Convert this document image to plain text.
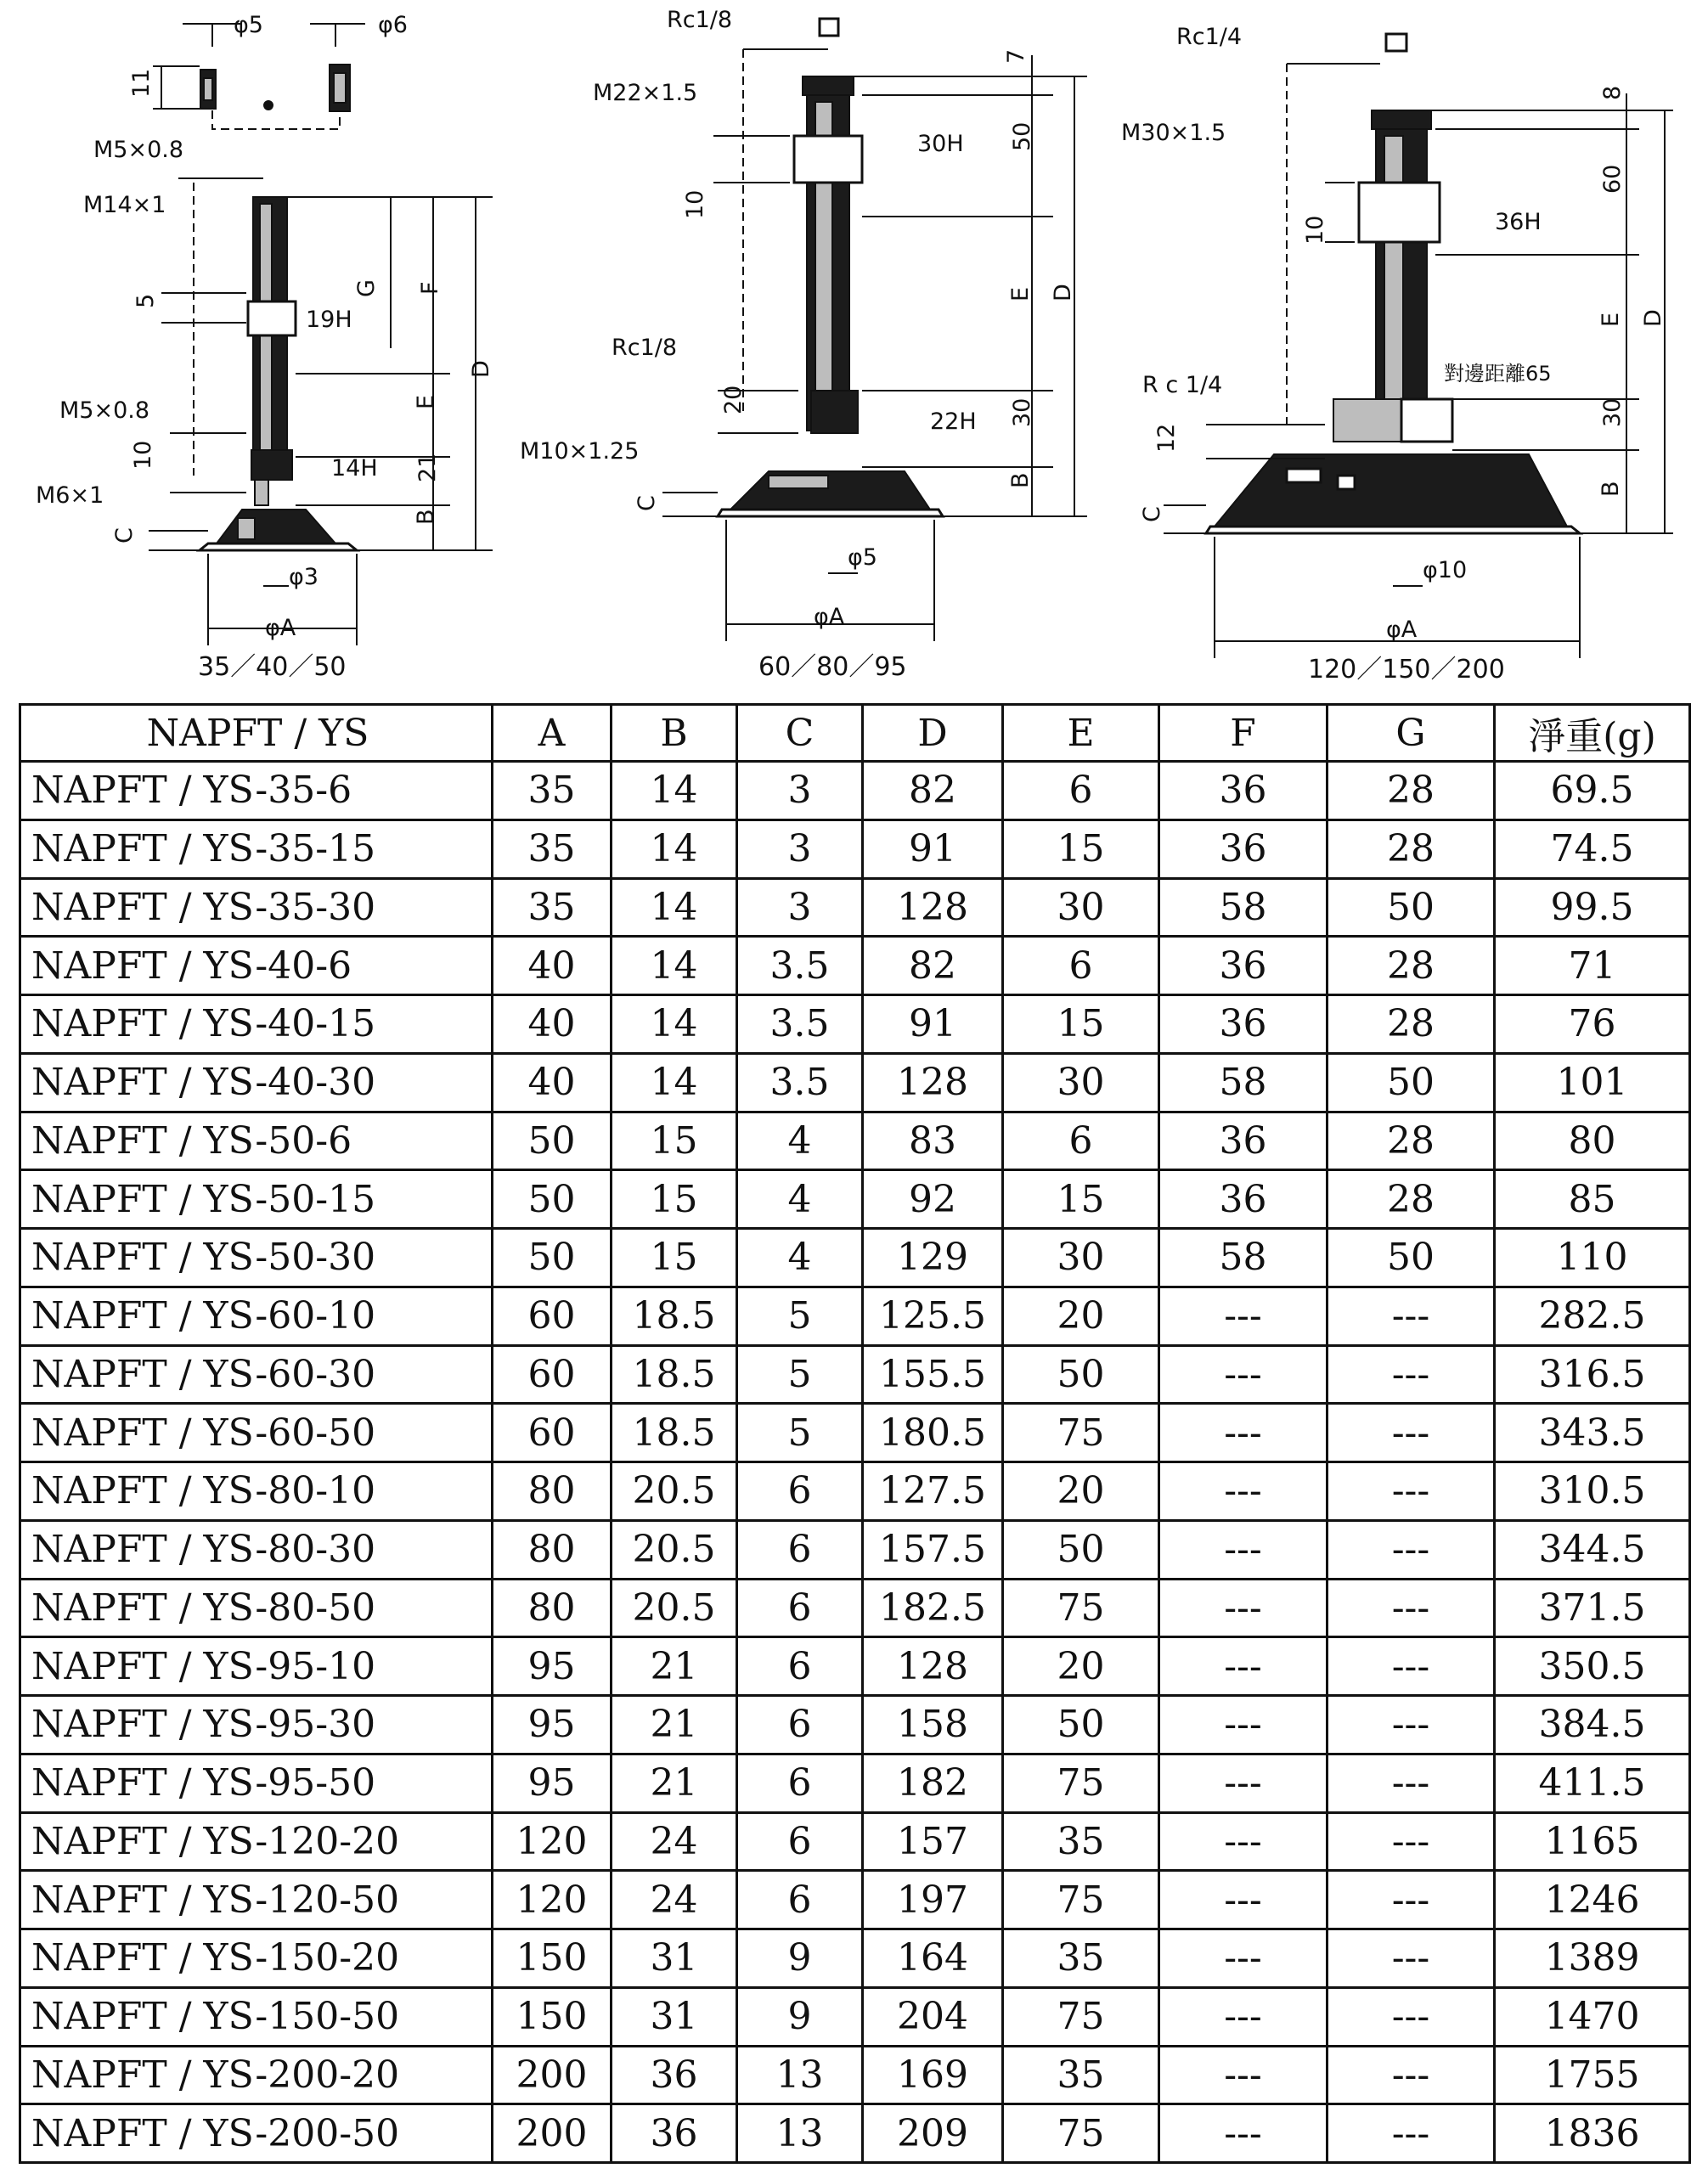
φ5	φ6
11
M5×0.8
M14×1
5
G F
19H
D
M5×0.8	E
10	14H 21
M6×1
B
C
φ3
φA
35／40／50
Rc1/8
7
M22×1.5
30H 50
10
E D
Rc1/8
20
22H 30
M10×1.25
B
C
φ5
φA
60／80／95
Rc1/4
8
M30×1.5
60
10	36H
E D
對邊距離65
R c 1/4
30
12
B
C
φ10
φA
120／150／200
NAPFT / YS	A	B	C	D	E	F	G	淨重(g)
NAPFT / YS-35-6	35	14	3	82	6	36	28	69.5
NAPFT / YS-35-15	35	14	3	91	15	36	28	74.5
NAPFT / YS-35-30	35	14	3	128	30	58	50	99.5
NAPFT / YS-40-6	40	14	3.5	82	6	36	28	71
NAPFT / YS-40-15	40	14	3.5	91	15	36	28	76
NAPFT / YS-40-30	40	14	3.5	128	30	58	50	101
NAPFT / YS-50-6	50	15	4	83	6	36	28	80
NAPFT / YS-50-15	50	15	4	92	15	36	28	85
NAPFT / YS-50-30	50	15	4	129	30	58	50	110
NAPFT / YS-60-10	60	18.5	5	125.5	20	---	---	282.5
NAPFT / YS-60-30	60	18.5	5	155.5	50	---	---	316.5
NAPFT / YS-60-50	60	18.5	5	180.5	75	---	---	343.5
NAPFT / YS-80-10	80	20.5	6	127.5	20	---	---	310.5
NAPFT / YS-80-30	80	20.5	6	157.5	50	---	---	344.5
NAPFT / YS-80-50	80	20.5	6	182.5	75	---	---	371.5
NAPFT / YS-95-10	95	21	6	128	20	---	---	350.5
NAPFT / YS-95-30	95	21	6	158	50	---	---	384.5
NAPFT / YS-95-50	95	21	6	182	75	---	---	411.5
NAPFT / YS-120-20	120	24	6	157	35	---	---	1165
NAPFT / YS-120-50	120	24	6	197	75	---	---	1246
NAPFT / YS-150-20	150	31	9	164	35	---	---	1389
NAPFT / YS-150-50	150	31	9	204	75	---	---	1470
NAPFT / YS-200-20	200	36	13	169	35	---	---	1755
NAPFT / YS-200-50	200	36	13	209	75	---	---	1836
